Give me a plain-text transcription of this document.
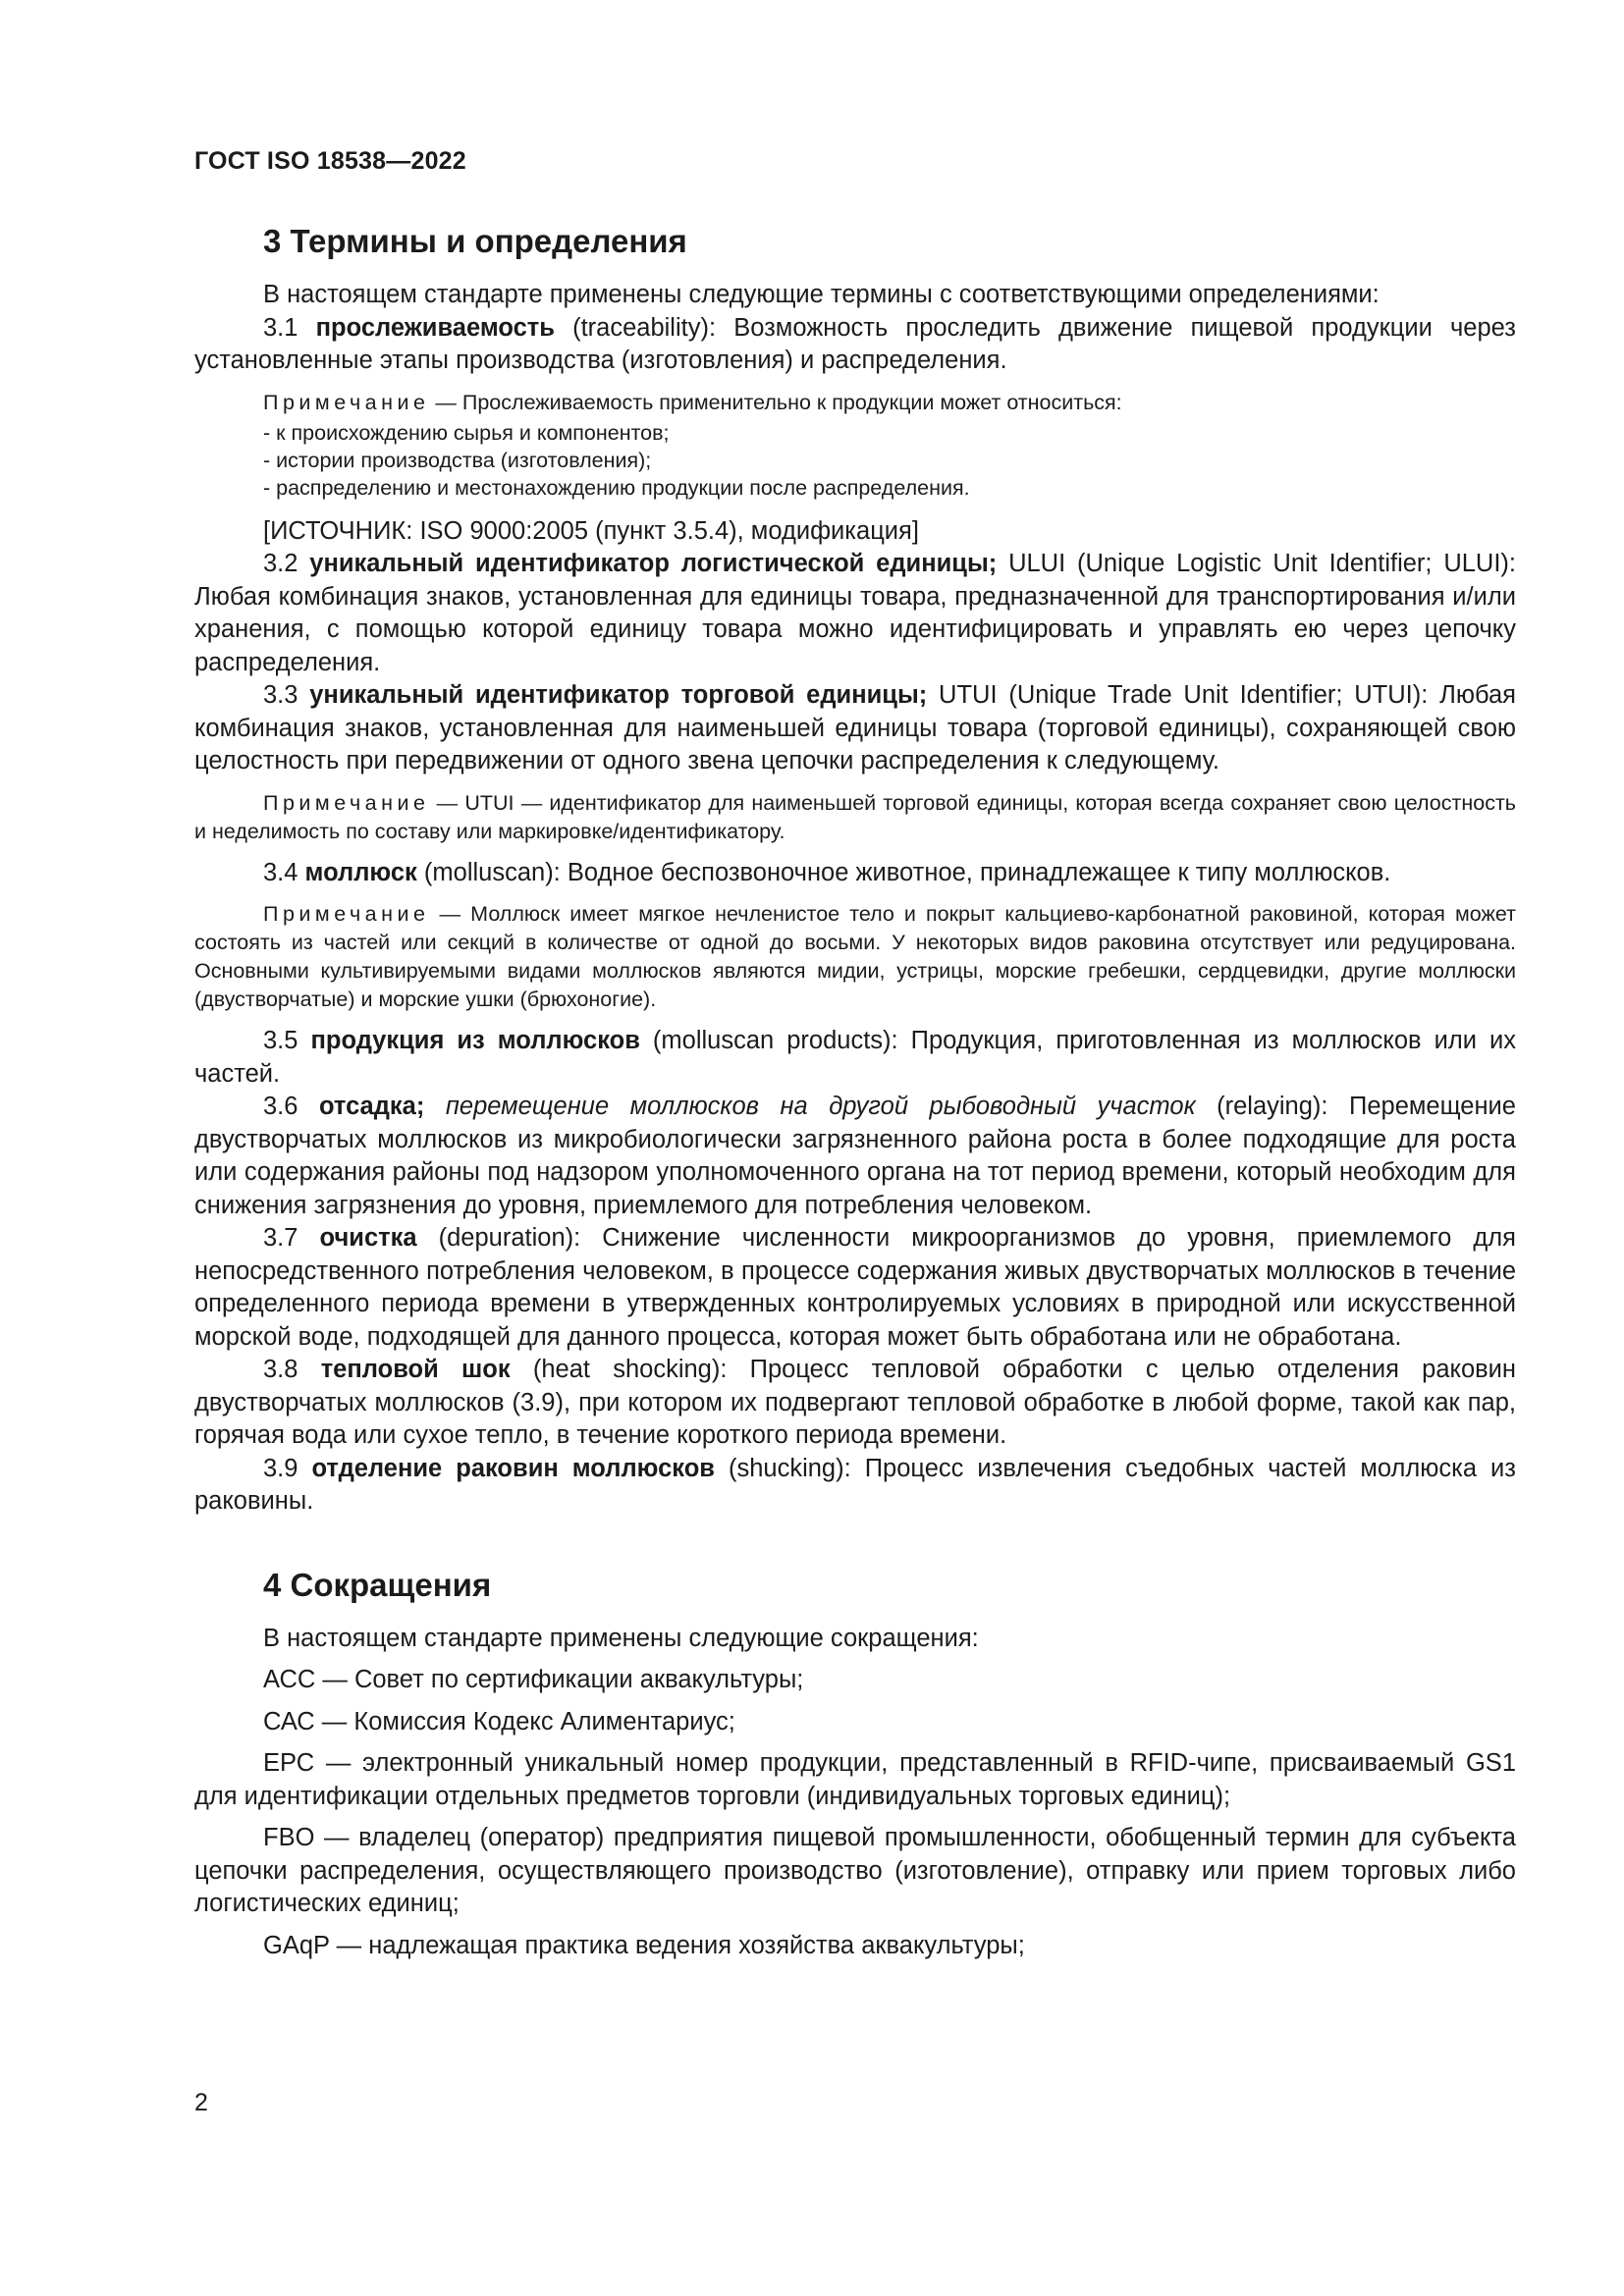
ГОСТ ISO 18538—2022
3 Термины и определения

В настоящем стандарте применены следующие термины с соответствующими определениями:

3.1 прослеживаемость (traceability): Возможность проследить движение пищевой продукции через установленные этапы производства (изготовления) и распределения.

Примечание — Прослеживаемость применительно к продукции может относиться:

- к происхождению сырья и компонентов;
- истории производства (изготовления);
- распределению и местонахождению продукции после распределения.

[ИСТОЧНИК: ISO 9000:2005 (пункт 3.5.4), модификация]

3.2 уникальный идентификатор логистической единицы; ULUI (Unique Logistic Unit Identifier; ULUI): Любая комбинация знаков, установленная для единицы товара, предназначенной для транспортирования и/или хранения, с помощью которой единицу товара можно идентифицировать и управлять ею через цепочку распределения.

3.3 уникальный идентификатор торговой единицы; UTUI (Unique Trade Unit Identifier; UTUI): Любая комбинация знаков, установленная для наименьшей единицы товара (торговой единицы), сохраняющей свою целостность при передвижении от одного звена цепочки распределения к следующему.

Примечание — UTUI — идентификатор для наименьшей торговой единицы, которая всегда сохраняет свою целостность и неделимость по составу или маркировке/идентификатору.

3.4 моллюск (molluscan): Водное беспозвоночное животное, принадлежащее к типу моллюсков.

Примечание — Моллюск имеет мягкое нечленистое тело и покрыт кальциево-карбонатной раковиной, которая может состоять из частей или секций в количестве от одной до восьми. У некоторых видов раковина отсутствует или редуцирована. Основными культивируемыми видами моллюсков являются мидии, устрицы, морские гребешки, сердцевидки, другие моллюски (двустворчатые) и морские ушки (брюхоногие).

3.5 продукция из моллюсков (molluscan products): Продукция, приготовленная из моллюсков или их частей.

3.6 отсадка; перемещение моллюсков на другой рыбоводный участок (relaying): Перемещение двустворчатых моллюсков из микробиологически загрязненного района роста в более подходящие для роста или содержания районы под надзором уполномоченного органа на тот период времени, который необходим для снижения загрязнения до уровня, приемлемого для потребления человеком.

3.7 очистка (depuration): Снижение численности микроорганизмов до уровня, приемлемого для непосредственного потребления человеком, в процессе содержания живых двустворчатых моллюсков в течение определенного периода времени в утвержденных контролируемых условиях в природной или искусственной морской воде, подходящей для данного процесса, которая может быть обработана или не обработана.

3.8 тепловой шок (heat shocking): Процесс тепловой обработки с целью отделения раковин двустворчатых моллюсков (3.9), при котором их подвергают тепловой обработке в любой форме, такой как пар, горячая вода или сухое тепло, в течение короткого периода времени.

3.9 отделение раковин моллюсков (shucking): Процесс извлечения съедобных частей моллюска из раковины.

4 Сокращения

В настоящем стандарте применены следующие сокращения:

АСС — Совет по сертификации аквакультуры;

САС — Комиссия Кодекс Алиментариус;

ЕРС — электронный уникальный номер продукции, представленный в RFID-чипе, присваиваемый GS1 для идентификации отдельных предметов торговли (индивидуальных торговых единиц);

FBO — владелец (оператор) предприятия пищевой промышленности, обобщенный термин для субъекта цепочки распределения, осуществляющего производство (изготовление), отправку или прием торговых либо логистических единиц;

GAqP — надлежащая практика ведения хозяйства аквакультуры;

2
